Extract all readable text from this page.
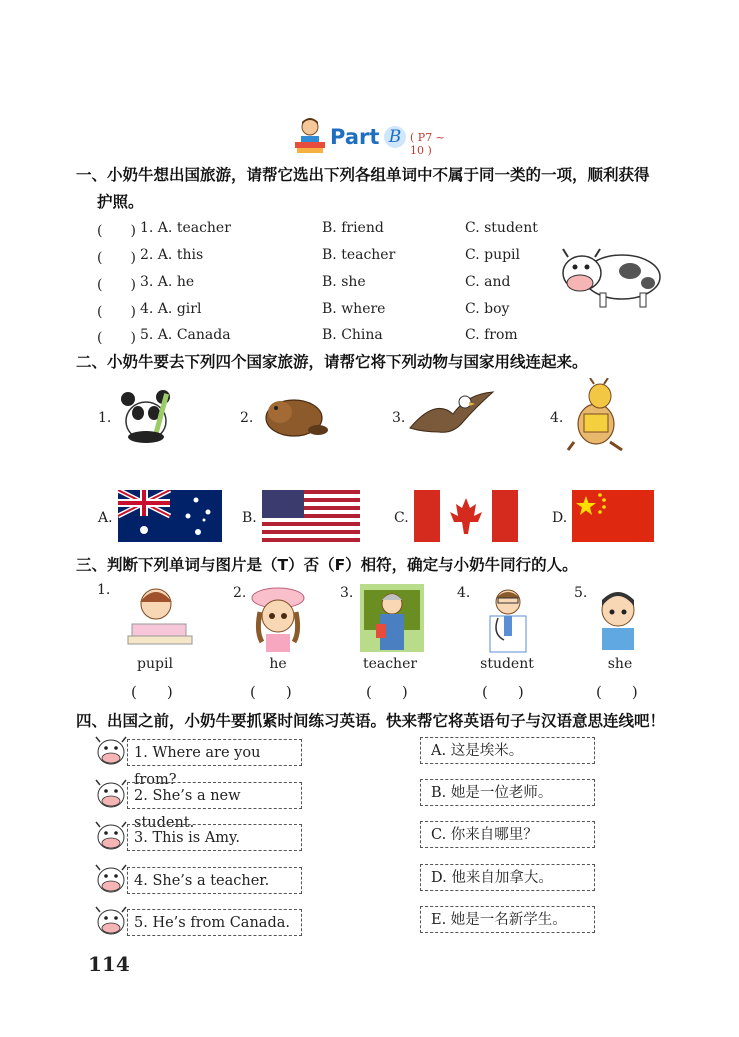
Part B ( P7 ~ 10 )
一、小奶牛想出国旅游，请帮它选出下列各组单词中不属于同一类的一项，顺利获得
护照。
(　　) 1. A. teacher	B. friend	C. student
(　　) 2. A. this	B. teacher	C. pupil
(　　) 3. A. he	B. she	C. and
(　　) 4. A. girl	B. where	C. boy
(　　) 5. A. Canada	B. China	C. from
二、小奶牛要去下列四个国家旅游，请帮它将下列动物与国家用线连起来。
1.	2.	3.	4.
A.	B.	C.	D.
三、判断下列单词与图片是（T）否（F）相符，确定与小奶牛同行的人。
1.	2.	3.	4.	5.
pupil	he	teacher	student	she
(　　)	(　　)	(　　)	(　　)	(　　)
四、出国之前，小奶牛要抓紧时间练习英语。快来帮它将英语句子与汉语意思连线吧！
1. Where are you from?
2. She’s a new student.
3. This is Amy.
4. She’s a teacher.
5. He’s from Canada.
A. 这是埃米。
B. 她是一位老师。
C. 你来自哪里？
D. 他来自加拿大。
E. 她是一名新学生。
114
